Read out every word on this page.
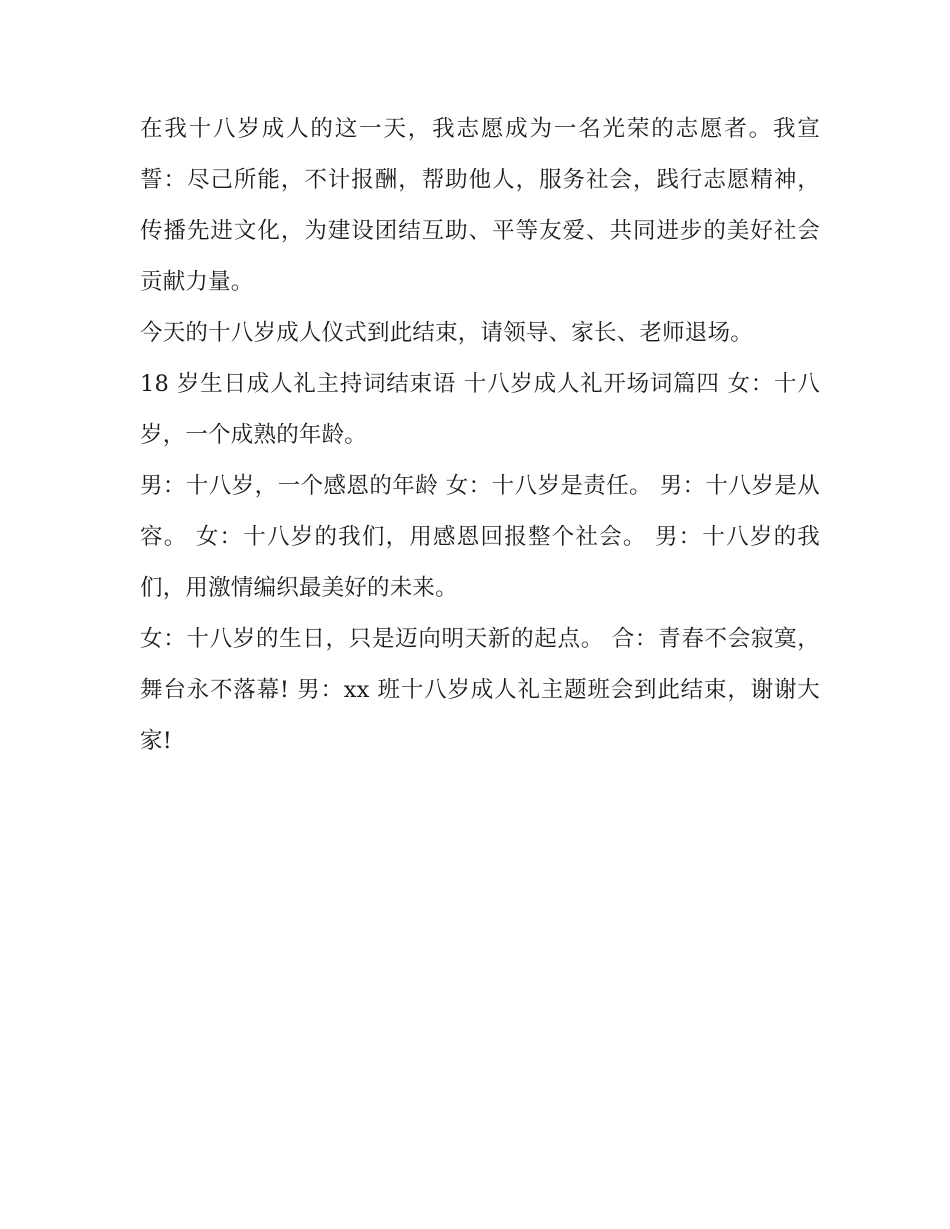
在我十八岁成人的这一天，我志愿成为一名光荣的志愿者。我宣誓：尽己所能，不计报酬，帮助他人，服务社会，践行志愿精神，传播先进文化，为建设团结互助、平等友爱、共同进步的美好社会贡献力量。

今天的十八岁成人仪式到此结束，请领导、家长、老师退场。

18 岁生日成人礼主持词结束语 十八岁成人礼开场词篇四 女：十八岁，一个成熟的年龄。

男：十八岁，一个感恩的年龄 女：十八岁是责任。 男：十八岁是从容。 女：十八岁的我们，用感恩回报整个社会。 男：十八岁的我们，用激情编织最美好的未来。

女：十八岁的生日，只是迈向明天新的起点。 合：青春不会寂寞，舞台永不落幕! 男：xx 班十八岁成人礼主题班会到此结束，谢谢大家!
